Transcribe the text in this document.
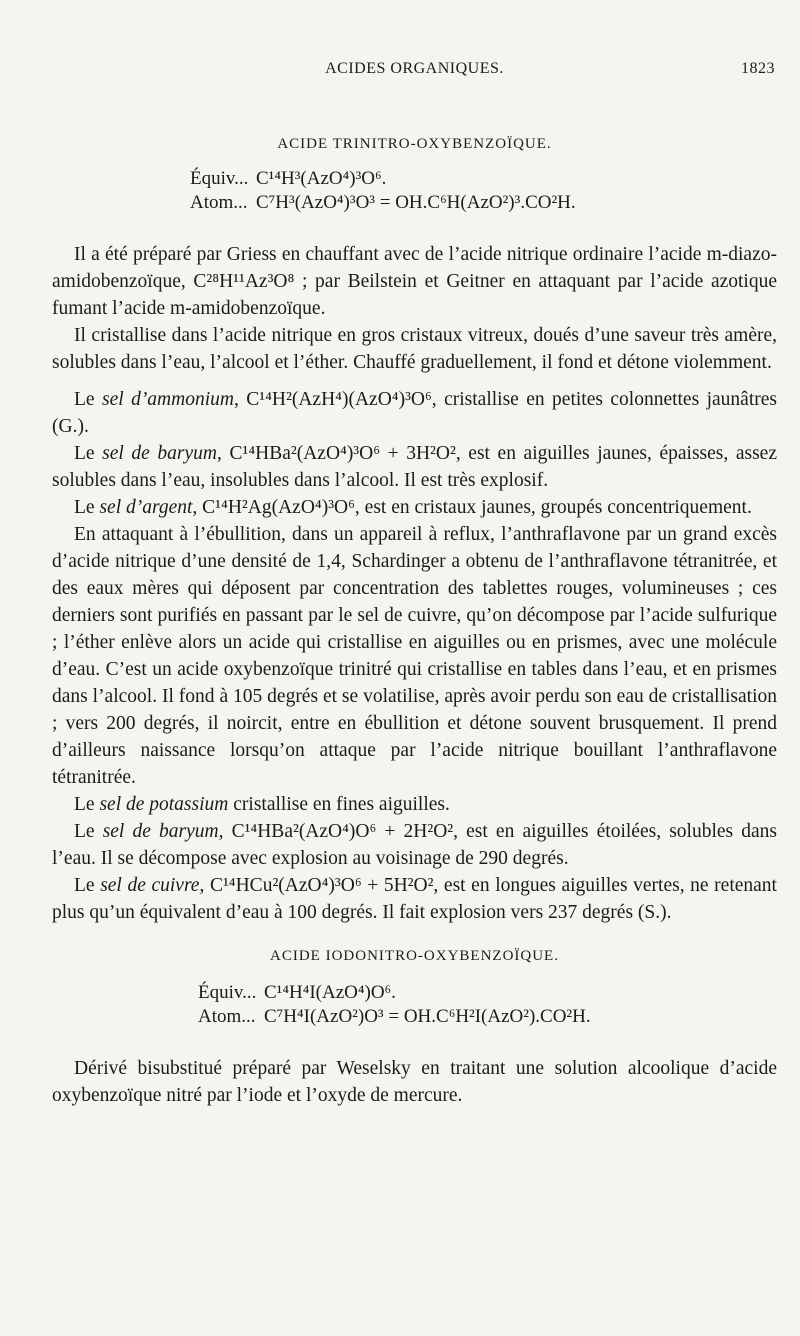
ACIDES ORGANIQUES.	1823
ACIDE TRINITRO-OXYBENZOÏQUE.
Équiv... C¹⁴H³(AzO⁴)³O⁶.
Atom... C⁷H³(AzO⁴)³O³ = OH.C⁶H(AzO²)³.CO²H.

Il a été préparé par Griess en chauffant avec de l’acide nitrique ordinaire l’acide m-diazo-amidobenzoïque, C²⁸H¹¹Az³O⁸ ; par Beilstein et Geitner en attaquant par l’acide azotique fumant l’acide m-amidobenzoïque.

Il cristallise dans l’acide nitrique en gros cristaux vitreux, doués d’une saveur très amère, solubles dans l’eau, l’alcool et l’éther. Chauffé graduellement, il fond et détone violemment.

Le sel d’ammonium, C¹⁴H²(AzH⁴)(AzO⁴)³O⁶, cristallise en petites colonnettes jaunâtres (G.).

Le sel de baryum, C¹⁴HBa²(AzO⁴)³O⁶ + 3H²O², est en aiguilles jaunes, épaisses, assez solubles dans l’eau, insolubles dans l’alcool. Il est très explosif.

Le sel d’argent, C¹⁴H²Ag(AzO⁴)³O⁶, est en cristaux jaunes, groupés concentriquement.

En attaquant à l’ébullition, dans un appareil à reflux, l’anthraflavone par un grand excès d’acide nitrique d’une densité de 1,4, Schardinger a obtenu de l’anthraflavone tétranitrée, et des eaux mères qui déposent par concentration des tablettes rouges, volumineuses ; ces derniers sont purifiés en passant par le sel de cuivre, qu’on décompose par l’acide sulfurique ; l’éther enlève alors un acide qui cristallise en aiguilles ou en prismes, avec une molécule d’eau. C’est un acide oxybenzoïque trinitré qui cristallise en tables dans l’eau, et en prismes dans l’alcool. Il fond à 105 degrés et se volatilise, après avoir perdu son eau de cristallisation ; vers 200 degrés, il noircit, entre en ébullition et détone souvent brusquement. Il prend d’ailleurs naissance lorsqu’on attaque par l’acide nitrique bouillant l’anthraflavone tétranitrée.

Le sel de potassium cristallise en fines aiguilles.

Le sel de baryum, C¹⁴HBa²(AzO⁴)O⁶ + 2H²O², est en aiguilles étoilées, solubles dans l’eau. Il se décompose avec explosion au voisinage de 290 degrés.

Le sel de cuivre, C¹⁴HCu²(AzO⁴)³O⁶ + 5H²O², est en longues aiguilles vertes, ne retenant plus qu’un équivalent d’eau à 100 degrés. Il fait explosion vers 237 degrés (S.).

ACIDE IODONITRO-OXYBENZOÏQUE.
Équiv... C¹⁴H⁴I(AzO⁴)O⁶.
Atom... C⁷H⁴I(AzO²)O³ = OH.C⁶H²I(AzO²).CO²H.

Dérivé bisubstitué préparé par Weselsky en traitant une solution alcoolique d’acide oxybenzoïque nitré par l’iode et l’oxyde de mercure.
